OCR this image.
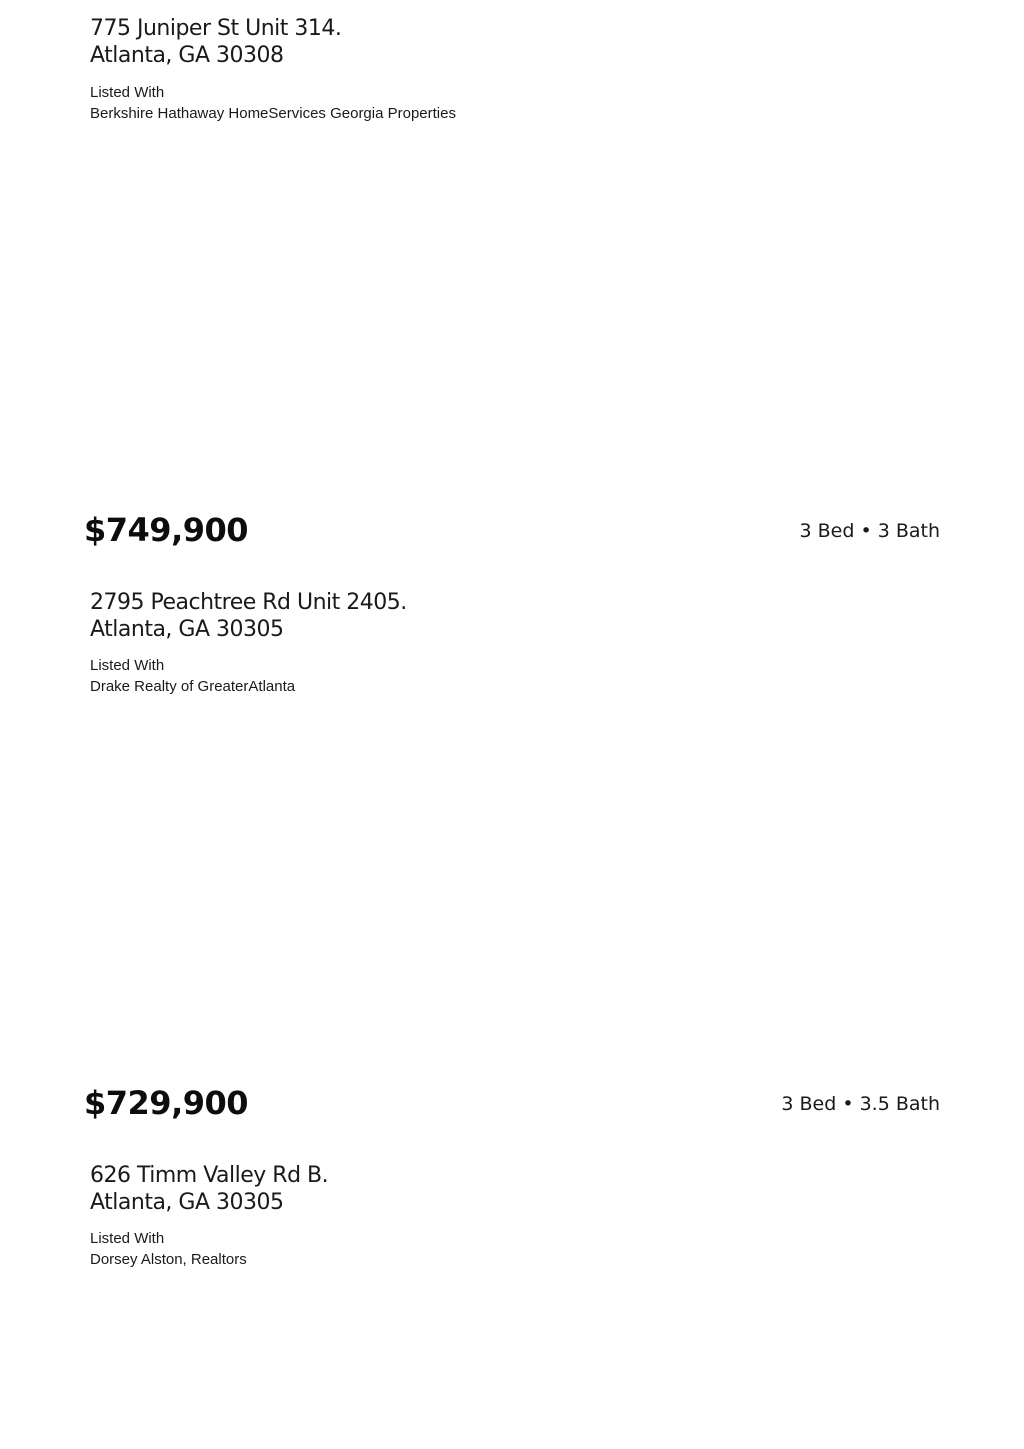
775 Juniper St Unit 314.
Atlanta, GA 30308
Listed With
Berkshire Hathaway HomeServices Georgia Properties
$749,900	3 Bed • 3 Bath
2795 Peachtree Rd Unit 2405.
Atlanta, GA 30305
Listed With
Drake Realty of GreaterAtlanta
$729,900	3 Bed • 3.5 Bath
626 Timm Valley Rd B.
Atlanta, GA 30305
Listed With
Dorsey Alston, Realtors
